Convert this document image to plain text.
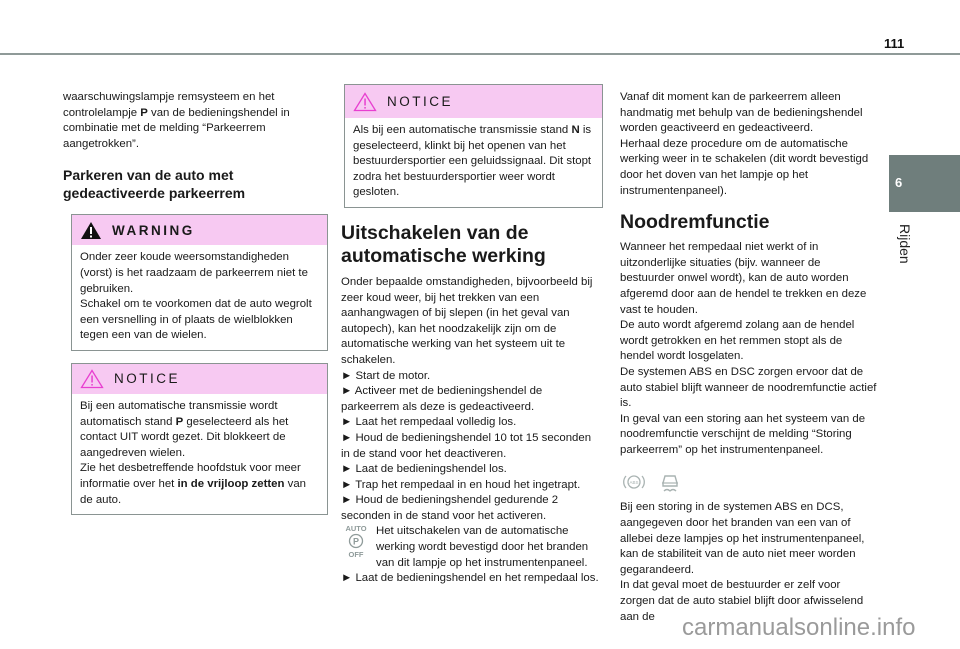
111
6
Rijden

waarschuwingslampje remsysteem en het controlelampje P van de bedieningshendel in combinatie met de melding “Parkeerrem aangetrokken”.

Parkeren van de auto met gedeactiveerde parkeerrem
WARNING

Onder zeer koude weersomstandigheden (vorst) is het raadzaam de parkeerrem niet te gebruiken.

Schakel om te voorkomen dat de auto wegrolt een versnelling in of plaats de wielblokken tegen een van de wielen.

NOTICE

Bij een automatische transmissie wordt automatisch stand P geselecteerd als het contact UIT wordt gezet. Dit blokkeert de aangedreven wielen.

Zie het desbetreffende hoofdstuk voor meer informatie over het in de vrijloop zetten van de auto.

NOTICE

Als bij een automatische transmissie stand N is geselecteerd, klinkt bij het openen van het bestuurdersportier een geluidssignaal. Dit stopt zodra het bestuurdersportier weer wordt gesloten.

Uitschakelen van de automatische werking

Onder bepaalde omstandigheden, bijvoorbeeld bij zeer koud weer, bij het trekken van een aanhangwagen of bij slepen (in het geval van autopech), kan het noodzakelijk zijn om de automatische werking van het systeem uit te schakelen.

► Start de motor.

► Activeer met de bedieningshendel de parkeerrem als deze is gedeactiveerd.

► Laat het rempedaal volledig los.

► Houd de bedieningshendel 10 tot 15 seconden in de stand voor het deactiveren.

► Laat de bedieningshendel los.

► Trap het rempedaal in en houd het ingetrapt.

► Houd de bedieningshendel gedurende 2 seconden in de stand voor het activeren.

AUTO
P
OFF
Het uitschakelen van de automatische werking wordt bevestigd door het branden van dit lampje op het instrumentenpaneel.

► Laat de bedieningshendel en het rempedaal los.

Vanaf dit moment kan de parkeerrem alleen handmatig met behulp van de bedieningshendel worden geactiveerd en gedeactiveerd.

Herhaal deze procedure om de automatische werking weer in te schakelen (dit wordt bevestigd door het doven van het lampje op het instrumentenpaneel).

Noodremfunctie

Wanneer het rempedaal niet werkt of in uitzonderlijke situaties (bijv. wanneer de bestuurder onwel wordt), kan de auto worden afgeremd door aan de hendel te trekken en deze vast te houden.

De auto wordt afgeremd zolang aan de hendel wordt getrokken en het remmen stopt als de hendel wordt losgelaten.

De systemen ABS en DSC zorgen ervoor dat de auto stabiel blijft wanneer de noodremfunctie actief is.

In geval van een storing aan het systeem van de noodremfunctie verschijnt de melding “Storing parkeerrem” op het instrumentenpaneel.

ABS

Bij een storing in de systemen ABS en DCS, aangegeven door het branden van een van of allebei deze lampjes op het instrumentenpaneel, kan de stabiliteit van de auto niet meer worden gegarandeerd.

In dat geval moet de bestuurder er zelf voor zorgen dat de auto stabiel blijft door afwisselend aan de	carmanualsonline.info
